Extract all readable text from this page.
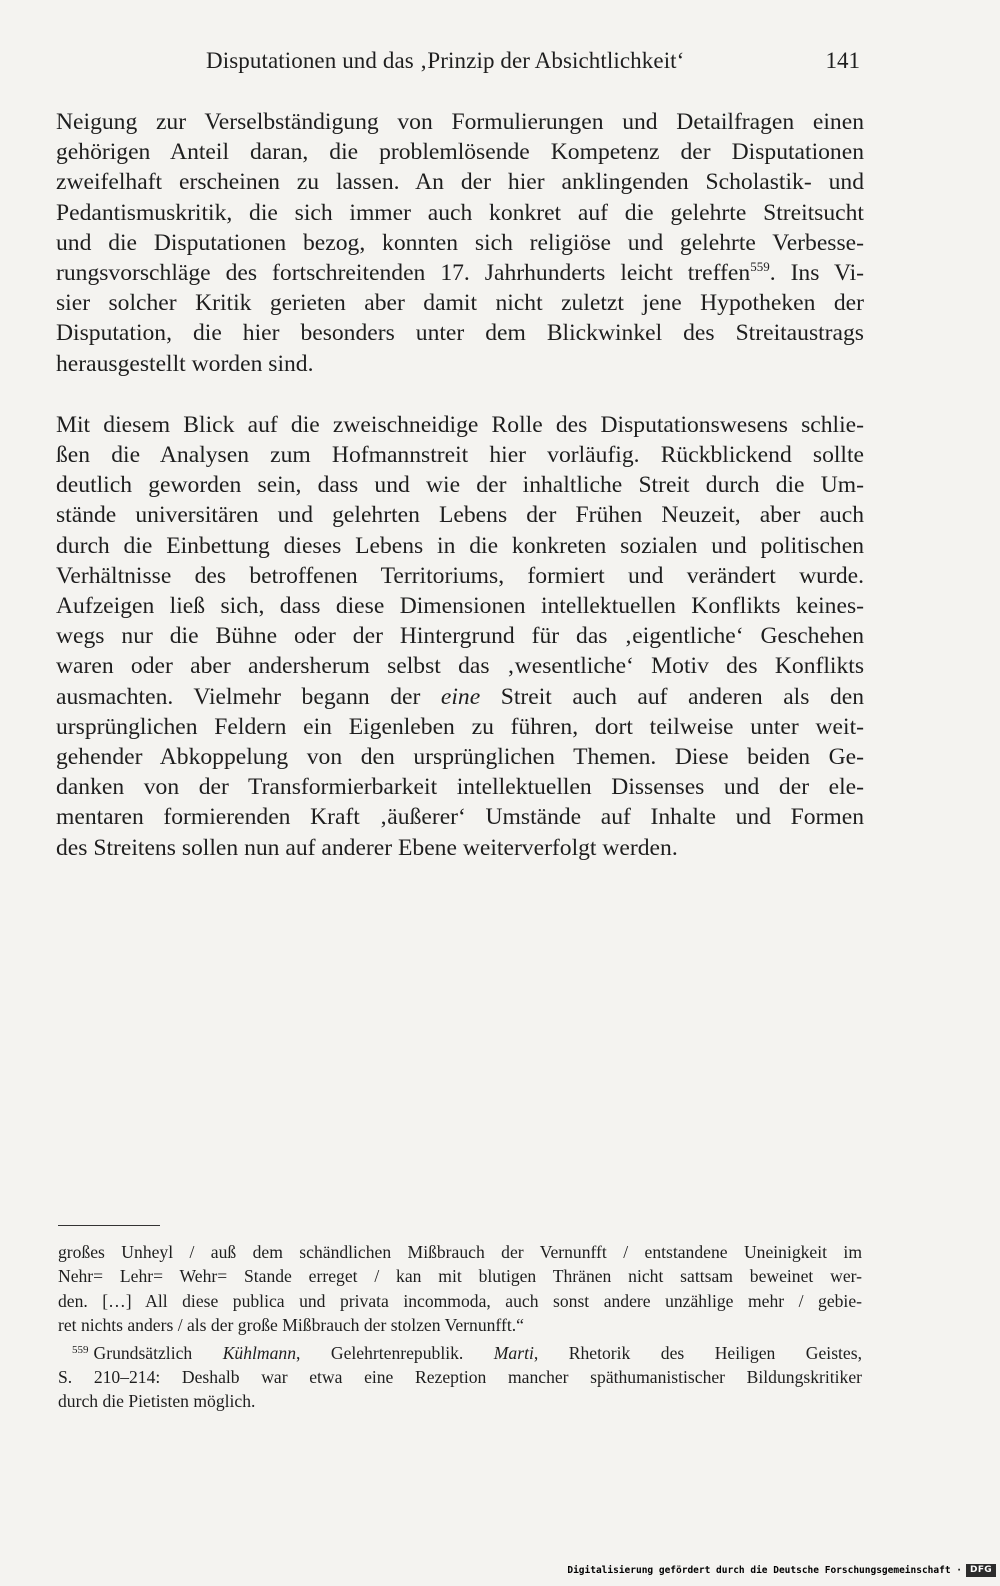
Disputationen und das ‚Prinzip der Absichtlichkeit‘	141
Neigung zur Verselbständigung von Formulierungen und Detailfragen einen
gehörigen Anteil daran, die problemlösende Kompetenz der Disputationen
zweifelhaft erscheinen zu lassen. An der hier anklingenden Scholastik- und
Pedantismuskritik, die sich immer auch konkret auf die gelehrte Streitsucht
und die Disputationen bezog, konnten sich religiöse und gelehrte Verbesse-
rungsvorschläge des fortschreitenden 17. Jahrhunderts leicht treffen$^{559}$. Ins Vi-
sier solcher Kritik gerieten aber damit nicht zuletzt jene Hypotheken der
Disputation, die hier besonders unter dem Blickwinkel des Streitaustrags
herausgestellt worden sind.
Mit diesem Blick auf die zweischneidige Rolle des Disputationswesens schlie-
ßen die Analysen zum Hofmannstreit hier vorläufig. Rückblickend sollte
deutlich geworden sein, dass und wie der inhaltliche Streit durch die Um-
stände universitären und gelehrten Lebens der Frühen Neuzeit, aber auch
durch die Einbettung dieses Lebens in die konkreten sozialen und politischen
Verhältnisse des betroffenen Territoriums, formiert und verändert wurde.
Aufzeigen ließ sich, dass diese Dimensionen intellektuellen Konflikts keines-
wegs nur die Bühne oder der Hintergrund für das ‚eigentliche‘ Geschehen
waren oder aber andersherum selbst das ‚wesentliche‘ Motiv des Konflikts
ausmachten. Vielmehr begann der eine Streit auch auf anderen als den
ursprünglichen Feldern ein Eigenleben zu führen, dort teilweise unter weit-
gehender Abkoppelung von den ursprünglichen Themen. Diese beiden Ge-
danken von der Transformierbarkeit intellektuellen Dissenses und der ele-
mentaren formierenden Kraft ‚äußerer‘ Umstände auf Inhalte und Formen
des Streitens sollen nun auf anderer Ebene weiterverfolgt werden.
großes Unheyl / auß dem schändlichen Mißbrauch der Vernunfft / entstandene Uneinigkeit im
Nehr= Lehr= Wehr= Stande erreget / kan mit blutigen Thränen nicht sattsam beweinet wer-
den. […] All diese publica und privata incommoda, auch sonst andere unzählige mehr / gebie-
ret nichts anders / als der große Mißbrauch der stolzen Vernunfft.“
$^{559}$ Grundsätzlich Kühlmann, Gelehrtenrepublik. Marti, Rhetorik des Heiligen Geistes,
S. 210–214: Deshalb war etwa eine Rezeption mancher späthumanistischer Bildungskritiker
durch die Pietisten möglich.
Digitalisierung gefördert durch die Deutsche Forschungsgemeinschaft · DFG
